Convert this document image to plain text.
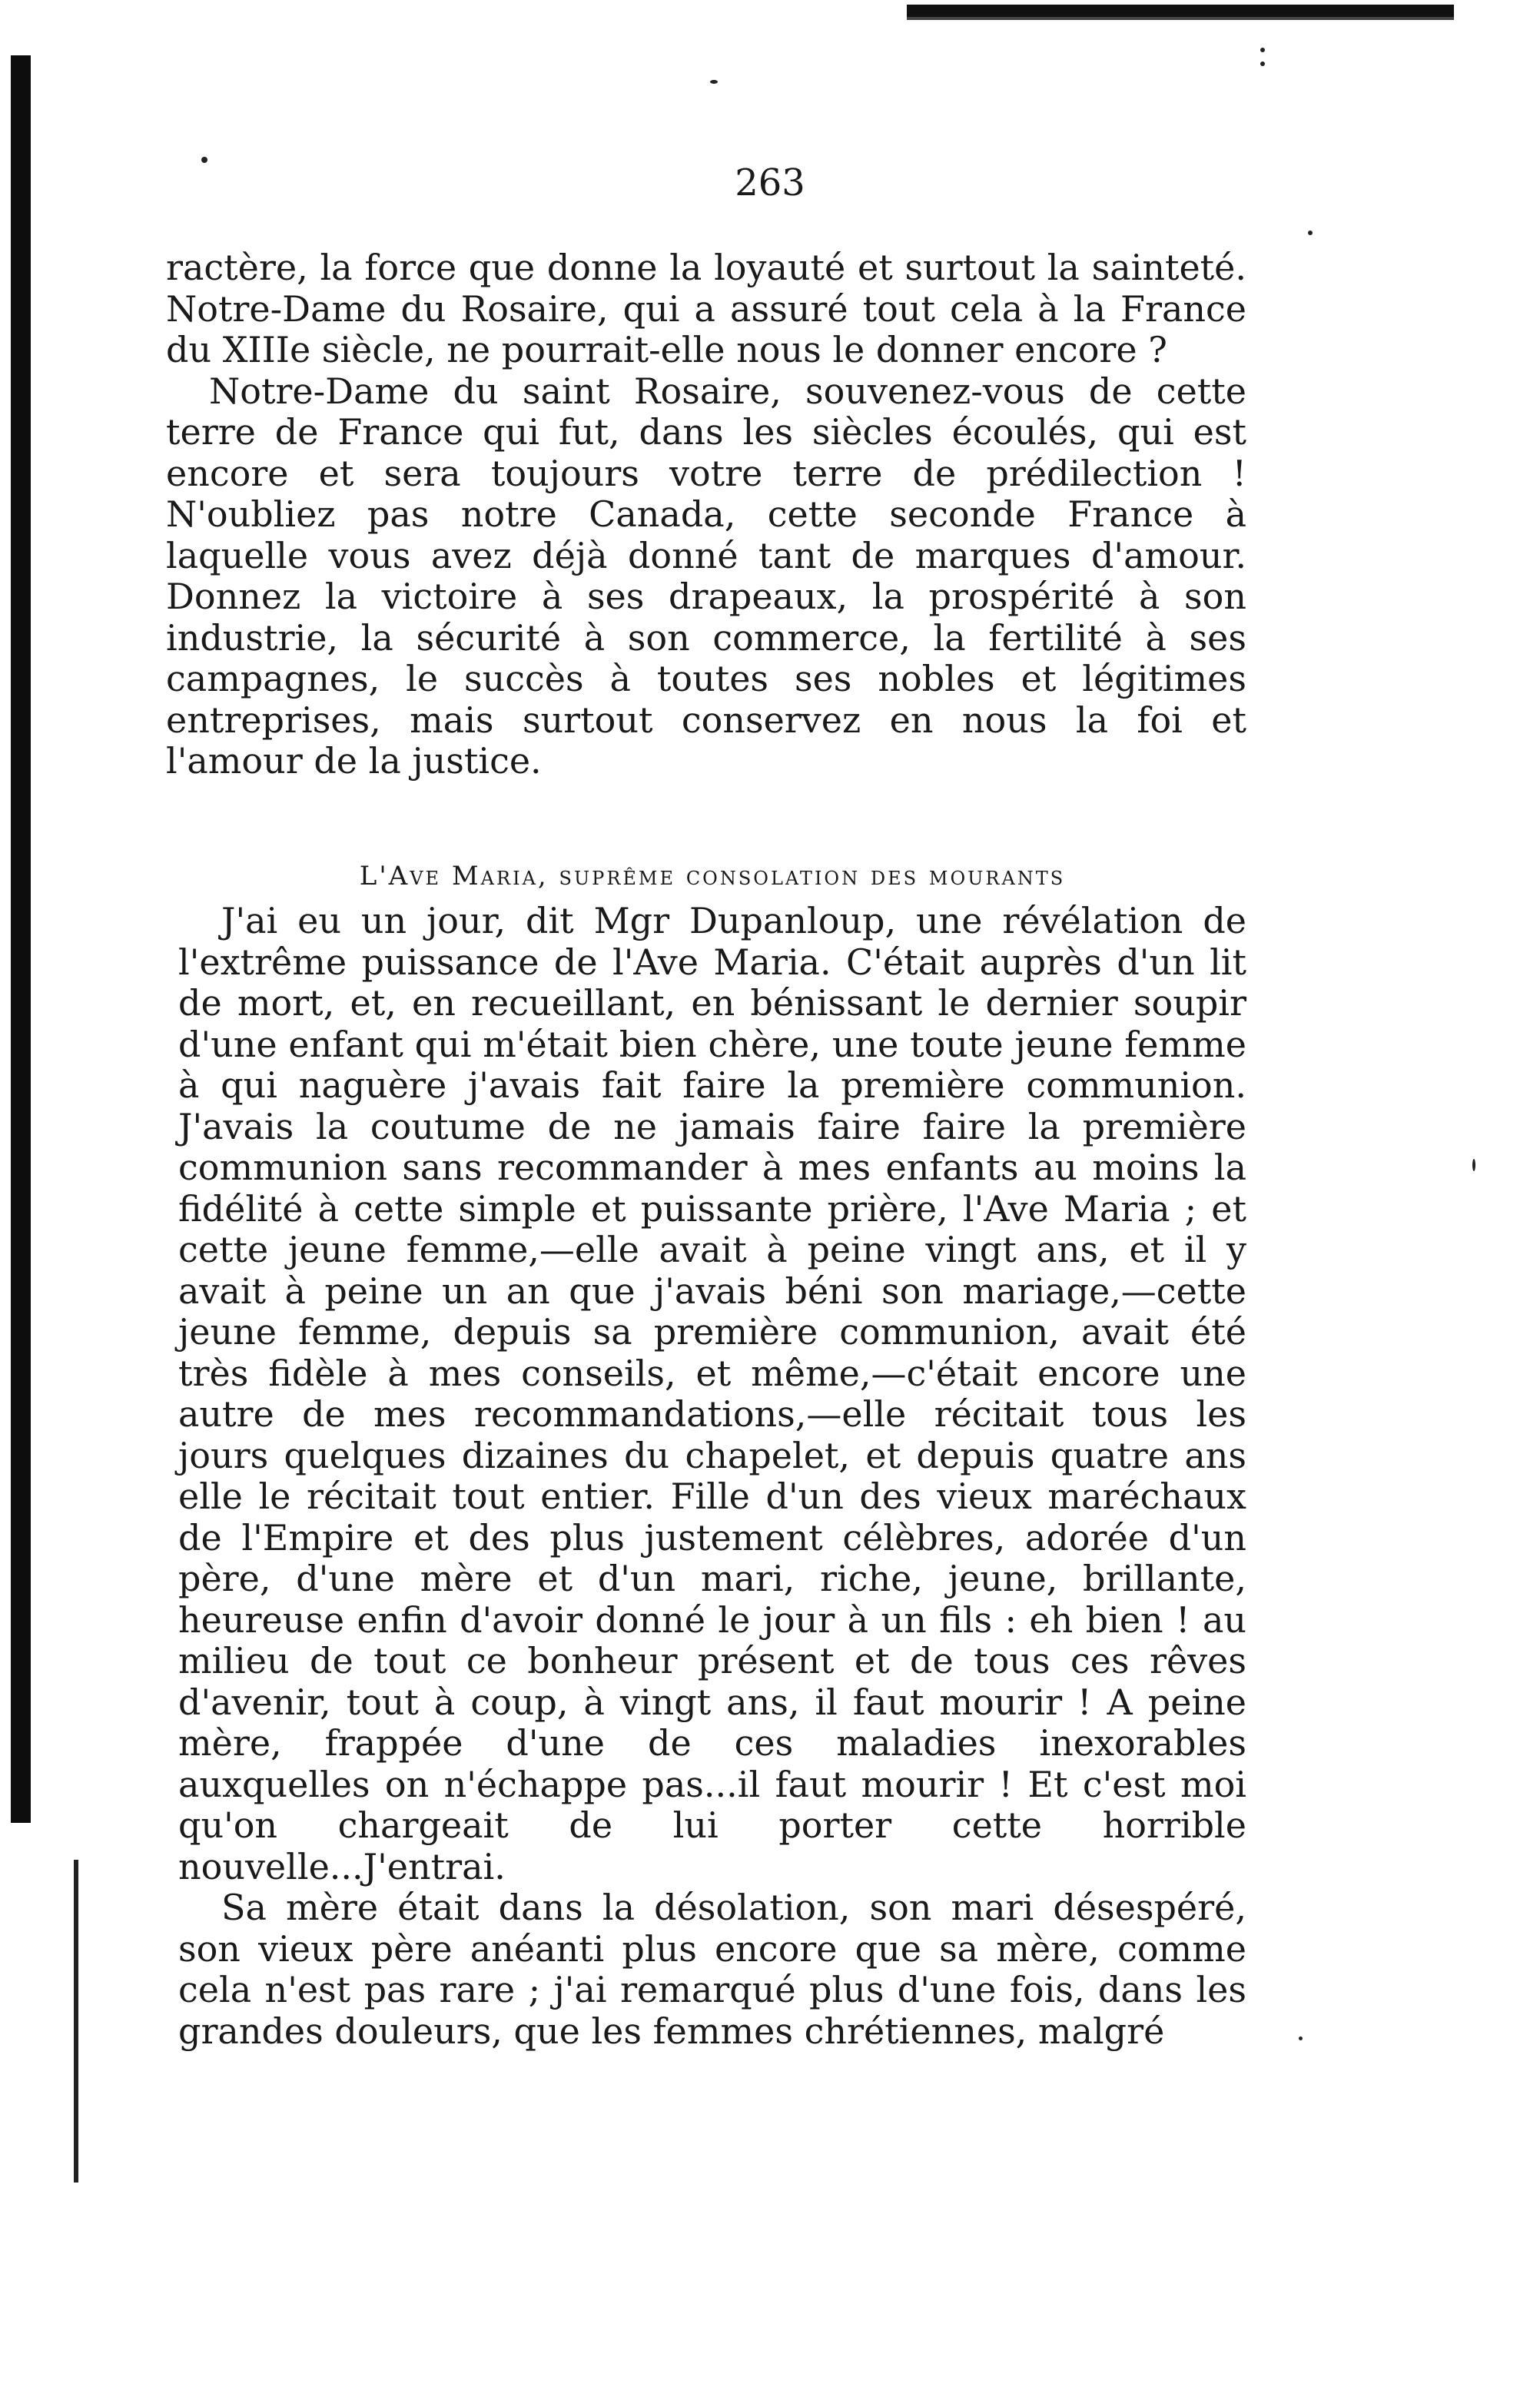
263

ractère, la force que donne la loyauté et surtout la sainteté. Notre-Dame du Rosaire, qui a assuré tout cela à la France du XIIIe siècle, ne pourrait-elle nous le donner encore ?

Notre-Dame du saint Rosaire, souvenez-vous de cette terre de France qui fut, dans les siècles écoulés, qui est encore et sera toujours votre terre de prédilection ! N'oubliez pas notre Canada, cette seconde France à laquelle vous avez déjà donné tant de marques d'amour. Donnez la victoire à ses drapeaux, la prospérité à son industrie, la sécurité à son commerce, la fertilité à ses campagnes, le succès à toutes ses nobles et légitimes entreprises, mais surtout conservez en nous la foi et l'amour de la justice.

L'Ave Maria, suprême consolation des mourants

J'ai eu un jour, dit Mgr Dupanloup, une révélation de l'extrême puissance de l'Ave Maria. C'était auprès d'un lit de mort, et, en recueillant, en bénissant le dernier soupir d'une enfant qui m'était bien chère, une toute jeune femme à qui naguère j'avais fait faire la première communion. J'avais la coutume de ne jamais faire faire la première communion sans recommander à mes enfants au moins la fidélité à cette simple et puissante prière, l'Ave Maria ; et cette jeune femme,—elle avait à peine vingt ans, et il y avait à peine un an que j'avais béni son mariage,—cette jeune femme, depuis sa première communion, avait été très fidèle à mes conseils, et même,—c'était encore une autre de mes recommandations,—elle récitait tous les jours quelques dizaines du chapelet, et depuis quatre ans elle le récitait tout entier. Fille d'un des vieux maréchaux de l'Empire et des plus justement célèbres, adorée d'un père, d'une mère et d'un mari, riche, jeune, brillante, heureuse enfin d'avoir donné le jour à un fils : eh bien ! au milieu de tout ce bonheur présent et de tous ces rêves d'avenir, tout à coup, à vingt ans, il faut mourir ! A peine mère, frappée d'une de ces maladies inexorables auxquelles on n'échappe pas...il faut mourir ! Et c'est moi qu'on chargeait de lui porter cette horrible nouvelle...J'entrai.

Sa mère était dans la désolation, son mari désespéré, son vieux père anéanti plus encore que sa mère, comme cela n'est pas rare ; j'ai remarqué plus d'une fois, dans les grandes douleurs, que les femmes chrétiennes, malgré
